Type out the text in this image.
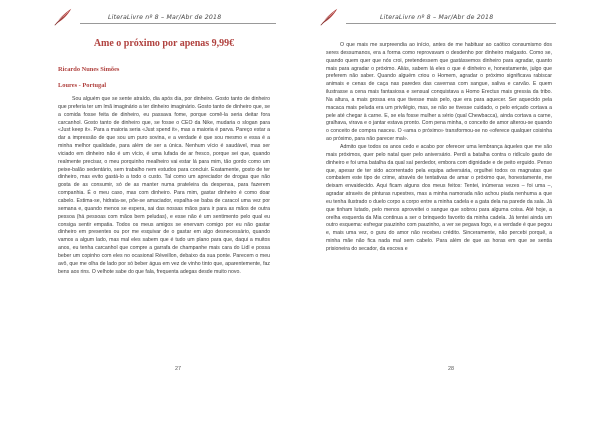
LiteraLivre nº 8 – Mar/Abr de 2018
Ame o próximo por apenas 9,99€
Ricardo Nunes Simões
Loures - Portugal

Sou alguém que se sente atraído, dia após dia, por dinheiro. Gosto tanto de dinheiro que preferia ter um ímã imaginário a ter dinheiro imaginário. Gosto tanto de dinheiro que, se a comida fosse feita de dinheiro, eu passava fome, porque comê-la seria deitar fora carcanhol. Gosto tanto de dinheiro que, se fosse o CEO da Nike, mudaria o slogan para «Just keep it». Para a maioria seria «Just spend it», mas a maioria é parva. Pareço estar a dar a impressão de que sou um puro sovina, e a verdade é que sou mesmo e essa é a minha melhor qualidade, para além de ser a única. Nenhum vício é saudável, mas ser viciado em dinheiro não é um vício, é uma lufada de ar fresco, porque sei que, quando realmente precisar, o meu porquinho mealheiro vai estar lá para mim, tão gordo como um peixe-balão sedentário, sem trabalho nem estudos para concluir. Exatamente, gosto de ter dinheiro, mas evito gastá-lo a todo o custo. Tal como um apreciador de drogas que não gosta de as consumir, só de as manter numa prateleira da despensa, para fazerem companhia. É o meu caso, mas com dinheiro. Para mim, gastar dinheiro é como doar cabelo. Estima-se, hidrata-se, põe-se amaciador, espalha-se baba de caracol uma vez por semana e, quando menos se espera, sai das nossas mãos para ir para as mãos de outra pessoa (há pessoas com mãos bem peludas), e esse não é um sentimento pelo qual eu consiga sentir empatia. Todos os meus amigos se enervam comigo por eu não gastar dinheiro em presentes ou por me esquivar de o gastar em algo desnecessário, quando vamos a algum lado, mas mal eles sabem que é tudo um plano para que, daqui a muitos anos, eu tenha carcanhol que compre a garrafa de champanhe mais cara do Lidl e possa beber um copinho com eles no ocasional Réveillon, debaixo da sua ponte. Parecem o meu avô, que me olha de lado por só beber água em vez de vinho tinto que, aparentemente, faz bens aos rins. O velhote sabe do que fala, frequenta adegas desde muito novo.

27
LiteraLivre nº 8 – Mar/Abr de 2018

O que mais me surpreendia ao início, antes de me habituar ao caótico consumismo dos seres dessumanos, era a forma como reprovavam o desdenho por dinheiro malgasto. Como se, quando quem quer que nós croi, pretendessem que gastássemos dinheiro para agradar, quanto mais para agradar o próximo. Aliás, sabem lá eles o que é dinheiro e, honestamente, julgo que preferem não saber. Quando alguém criou o Homem, agradar o próximo significava rabiscar animais e cenas de caça nas paredes das cavernas com sangue, saliva e carvão. E quem ilustrasse a cena mais fantasiosa e sensual conquistava a Homo Erectus mais gressia da tribo. Na altura, a mais grossa era que tivesse mais pelo, que era para aquecer. Ser aquecido pela macaca mais peluda era um privilégio, mas, se não se tivesse cuidado, o pelo eriçado cortava a pele até chegar à carne. E, se ela fosse mulher a sério (qual Chewbacca), ainda cortava a carne, gralhava, virava e o jantar estava pronto. Com pena minha, o conceito de amor alterou-se quando o conceito de compra nasceu. O «ama o próximo» transformou-se no «oferece qualquer coisinha ao próximo, para não parecer mal».

Admito que todos os anos cedo e acabo por oferecer uma lembrança àqueles que me são mais próximos, quer pelo natal quer pelo aniversário. Perdi a batalha contra o ridículo gasto de dinheiro e foi uma batalha da qual saí perdedor, embora com dignidade e de peito erguido. Penso que, apesar de ter sido acorrentado pela equipa adversária, orgulhei todos os magnatas que combatem este tipo de crime, através de tentativas de amar o próximo que, honestamente, me deixam envaidecido. Aqui ficam alguns dos meus feitos: Tentei, inúmeras vezes – foi uma –, agradar através de pinturas rupestres, mas a minha namorada não achou piada nenhuma a que eu tenha ilustrado o duelo corpo a corpo entre a minha cadela e a gata dela na parede da sala. Já que tinham lutado, pelo menos aproveitei o sangue que sobrou para alguma coisa. Até hoje, a orelha esquerda da Mia continua a ser o brinquedo favorito da minha cadela. Já tentei ainda um outro esquema: esfregar pauzinho com pauzinho, a ver se pegava fogo, e a verdade é que pegou e, mais uma vez, o guru do amor não recebeu crédito. Sinceramente, não percebi porquê, a minha mãe não fica nada mal sem cabelo. Para além de que as horas em que se sentia prisioneira do secador, da escova e

28
